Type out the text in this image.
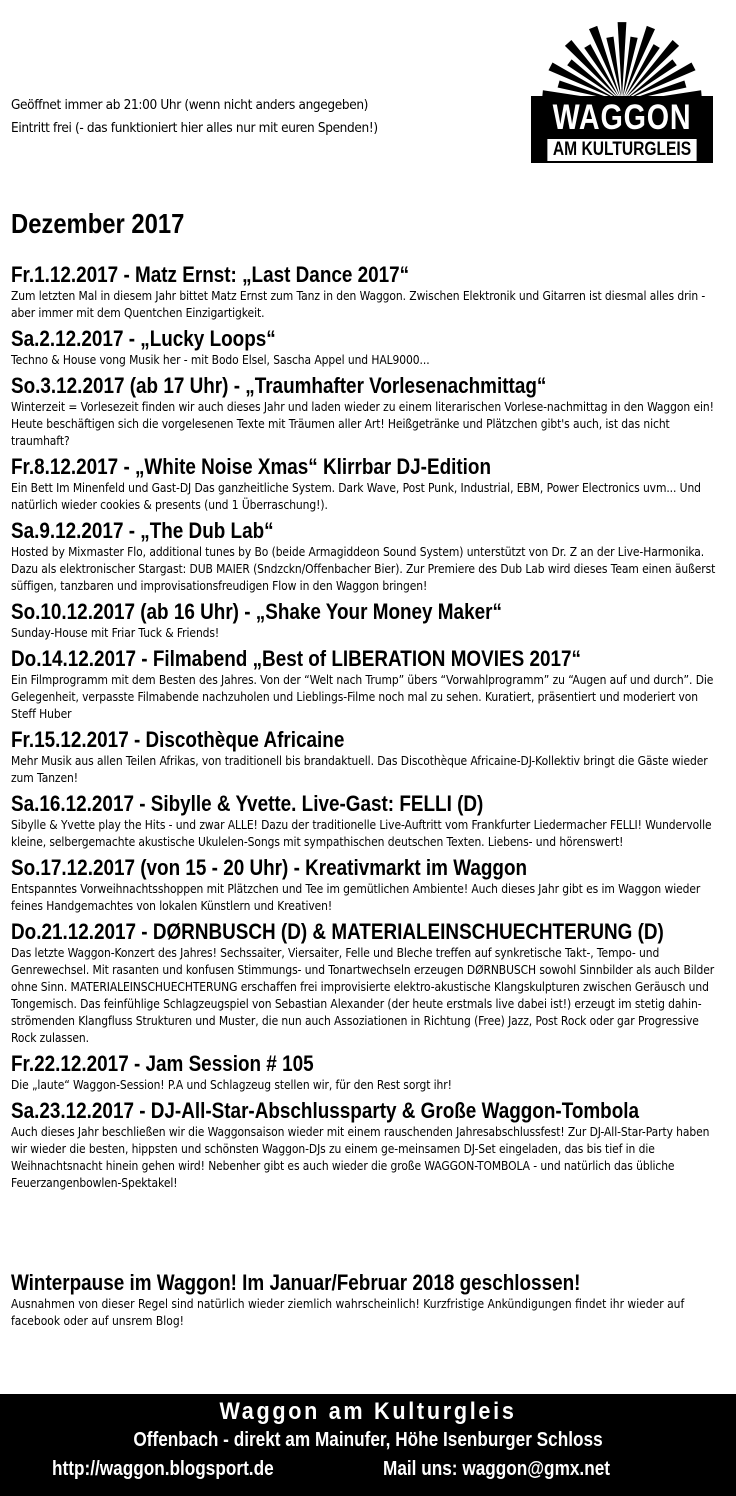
Geöffnet immer ab 21:00 Uhr (wenn nicht anders angegeben)
Eintritt frei (- das funktioniert hier alles nur mit euren Spenden!)	WAGGON
AM KULTURGLEIS
Dezember 2017
Fr.1.12.2017 - Matz Ernst: „Last Dance 2017“

Zum letzten Mal in diesem Jahr bittet Matz Ernst zum Tanz in den Waggon. Zwischen Elektronik und Gitarren ist diesmal alles drin - aber immer mit dem Quentchen Einzigartigkeit.

Sa.2.12.2017 - „Lucky Loops“

Techno & House vong Musik her - mit Bodo Elsel, Sascha Appel und HAL9000...

So.3.12.2017 (ab 17 Uhr) - „Traumhafter Vorlesenachmittag“

Winterzeit = Vorlesezeit finden wir auch dieses Jahr und laden wieder zu einem literarischen Vorlese-nachmittag in den Waggon ein! Heute beschäftigen sich die vorgelesenen Texte mit Träumen aller Art! Heißgetränke und Plätzchen gibt's auch, ist das nicht traumhaft?

Fr.8.12.2017 - „White Noise Xmas“ Klirrbar DJ-Edition

Ein Bett Im Minenfeld und Gast-DJ Das ganzheitliche System. Dark Wave, Post Punk, Industrial, EBM, Power Electronics uvm... Und natürlich wieder cookies & presents (und 1 Überraschung!).

Sa.9.12.2017 - „The Dub Lab“

Hosted by Mixmaster Flo, additional tunes by Bo (beide Armagiddeon Sound System) unterstützt von Dr. Z an der Live-Harmonika. Dazu als elektronischer Stargast: DUB MAIER (Sndzckn/Offenbacher Bier). Zur Premiere des Dub Lab wird dieses Team einen äußerst süffigen, tanzbaren und improvisationsfreudigen Flow in den Waggon bringen!

So.10.12.2017 (ab 16 Uhr) - „Shake Your Money Maker“

Sunday-House mit Friar Tuck & Friends!

Do.14.12.2017 - Filmabend „Best of LIBERATION MOVIES 2017“

Ein Filmprogramm mit dem Besten des Jahres. Von der “Welt nach Trump” übers “Vorwahlprogramm” zu “Augen auf und durch”. Die Gelegenheit, verpasste Filmabende nachzuholen und Lieblings-Filme noch mal zu sehen. Kuratiert, präsentiert und moderiert von Steff Huber

Fr.15.12.2017 - Discothèque Africaine

Mehr Musik aus allen Teilen Afrikas, von traditionell bis brandaktuell. Das Discothèque Africaine-DJ-Kollektiv bringt die Gäste wieder zum Tanzen!

Sa.16.12.2017 - Sibylle & Yvette. Live-Gast: FELLI (D)

Sibylle & Yvette play the Hits - und zwar ALLE! Dazu der traditionelle Live-Auftritt vom Frankfurter Liedermacher FELLI! Wundervolle kleine, selbergemachte akustische Ukulelen-Songs mit sympathischen deutschen Texten. Liebens- und hörenswert!

So.17.12.2017 (von 15 - 20 Uhr) - Kreativmarkt im Waggon

Entspanntes Vorweihnachtsshoppen mit Plätzchen und Tee im gemütlichen Ambiente! Auch dieses Jahr gibt es im Waggon wieder feines Handgemachtes von lokalen Künstlern und Kreativen!

Do.21.12.2017 - DØRNBUSCH (D) & MATERIALEINSCHUECHTERUNG (D)

Das letzte Waggon-Konzert des Jahres! Sechssaiter, Viersaiter, Felle und Bleche treffen auf synkretische Takt-, Tempo- und Genrewechsel. Mit rasanten und konfusen Stimmungs- und Tonartwechseln erzeugen DØRNBUSCH sowohl Sinnbilder als auch Bilder ohne Sinn. MATERIALEINSCHUECHTERUNG erschaffen frei improvisierte elektro-akustische Klangskulpturen zwischen Geräusch und Tongemisch. Das feinfühlige Schlagzeugspiel von Sebastian Alexander (der heute erstmals live dabei ist!) erzeugt im stetig dahin-strömenden Klangfluss Strukturen und Muster, die nun auch Assoziationen in Richtung (Free) Jazz, Post Rock oder gar Progressive Rock zulassen.

Fr.22.12.2017 - Jam Session # 105

Die „laute“ Waggon-Session! P.A und Schlagzeug stellen wir, für den Rest sorgt ihr!

Sa.23.12.2017 - DJ-All-Star-Abschlussparty & Große Waggon-Tombola

Auch dieses Jahr beschließen wir die Waggonsaison wieder mit einem rauschenden Jahresabschlussfest! Zur DJ-All-Star-Party haben wir wieder die besten, hippsten und schönsten Waggon-DJs zu einem ge-meinsamen DJ-Set eingeladen, das bis tief in die Weihnachtsnacht hinein gehen wird! Nebenher gibt es auch wieder die große WAGGON-TOMBOLA - und natürlich das übliche Feuerzangenbowlen-Spektakel!

Winterpause im Waggon! Im Januar/Februar 2018 geschlossen!

Ausnahmen von dieser Regel sind natürlich wieder ziemlich wahrscheinlich! Kurzfristige Ankündigungen findet ihr wieder auf facebook oder auf unsrem Blog!

Waggon am Kulturgleis
Offenbach - direkt am Mainufer, Höhe Isenburger Schloss
http://waggon.blogsport.de	Mail uns: waggon@gmx.net
